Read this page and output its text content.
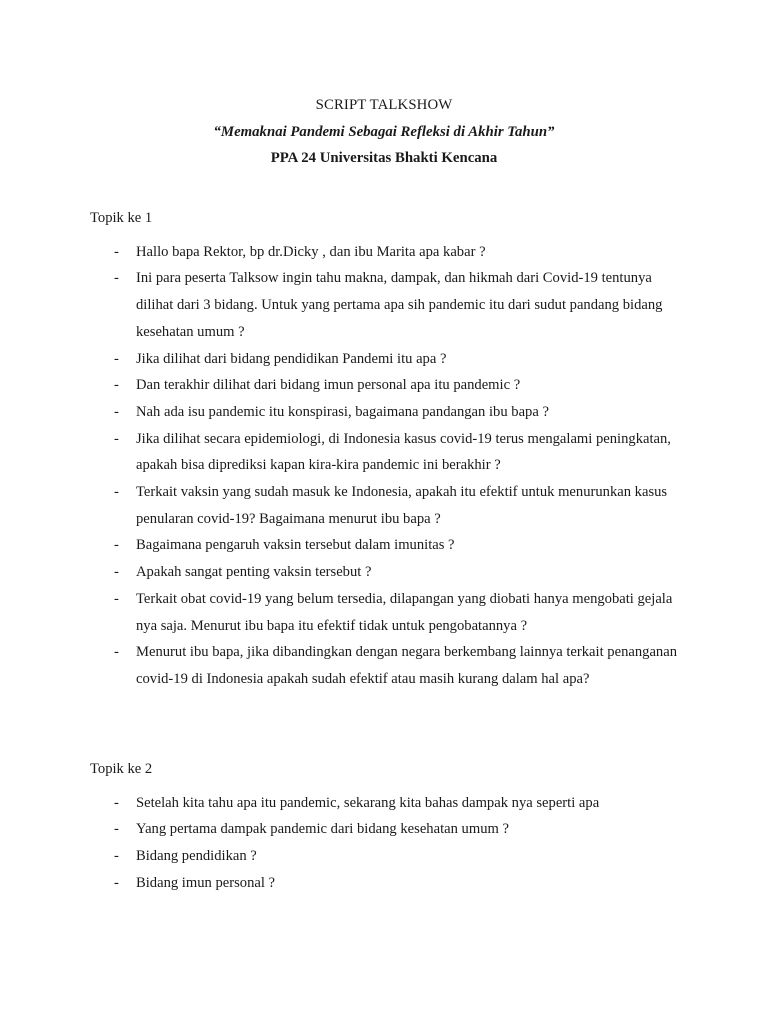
SCRIPT TALKSHOW
“Memaknai Pandemi Sebagai Refleksi di Akhir Tahun”
PPA 24 Universitas Bhakti Kencana
Topik ke 1
- Hallo bapa Rektor, bp dr.Dicky , dan ibu Marita apa kabar ?
- Ini para peserta Talksow ingin tahu makna, dampak, dan hikmah dari Covid-19 tentunya dilihat dari 3 bidang. Untuk yang pertama apa sih pandemic itu dari sudut pandang bidang kesehatan umum ?
- Jika dilihat dari bidang pendidikan Pandemi itu apa ?
- Dan terakhir dilihat dari bidang imun personal apa itu pandemic ?
- Nah ada isu pandemic itu konspirasi, bagaimana pandangan ibu bapa ?
- Jika dilihat secara epidemiologi, di Indonesia kasus covid-19 terus mengalami peningkatan, apakah bisa diprediksi kapan kira-kira pandemic ini berakhir ?
- Terkait vaksin yang sudah masuk ke Indonesia, apakah itu efektif untuk menurunkan kasus penularan covid-19? Bagaimana menurut ibu bapa ?
- Bagaimana pengaruh vaksin tersebut dalam imunitas ?
- Apakah sangat penting vaksin tersebut ?
- Terkait obat covid-19 yang belum tersedia, dilapangan yang diobati hanya mengobati gejala nya saja. Menurut ibu bapa itu efektif tidak untuk pengobatannya ?
- Menurut ibu bapa, jika dibandingkan dengan negara berkembang lainnya terkait penanganan covid-19 di Indonesia apakah sudah efektif atau masih kurang dalam hal apa?
Topik ke 2
- Setelah kita tahu apa itu pandemic, sekarang kita bahas dampak nya seperti apa
- Yang pertama dampak pandemic dari bidang kesehatan umum ?
- Bidang pendidikan ?
- Bidang imun personal ?
